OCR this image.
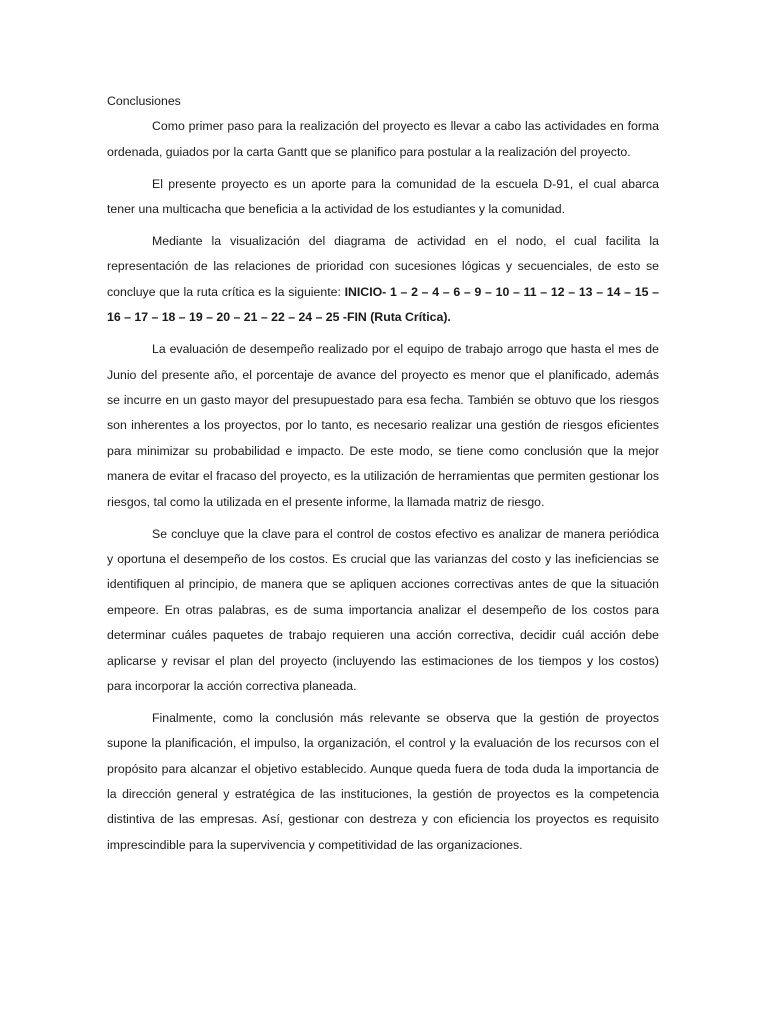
Conclusiones

Como primer paso para la realización del proyecto es llevar a cabo las actividades en forma ordenada, guiados por la carta Gantt que se planifico para postular a la realización del proyecto.

El presente proyecto es un aporte para la comunidad de la escuela D-91, el cual abarca tener una multicacha que beneficia a la actividad de los estudiantes y la comunidad.

Mediante la visualización del diagrama de actividad en el nodo, el cual facilita la representación de las relaciones de prioridad con sucesiones lógicas y secuenciales, de esto se concluye que la ruta crítica es la siguiente: INICIO- 1 – 2 – 4 – 6 – 9 – 10 – 11 – 12 – 13 – 14 – 15 – 16 – 17 – 18 – 19 – 20 – 21 – 22 – 24 – 25 -FIN (Ruta Crítica).

La evaluación de desempeño realizado por el equipo de trabajo arrogo que hasta el mes de Junio del presente año, el porcentaje de avance del proyecto es menor que el planificado, además se incurre en un gasto mayor del presupuestado para esa fecha. También se obtuvo que los riesgos son inherentes a los proyectos, por lo tanto, es necesario realizar una gestión de riesgos eficientes para minimizar su probabilidad e impacto. De este modo, se tiene como conclusión que la mejor manera de evitar el fracaso del proyecto, es la utilización de herramientas que permiten gestionar los riesgos, tal como la utilizada en el presente informe, la llamada matriz de riesgo.

Se concluye que la clave para el control de costos efectivo es analizar de manera periódica y oportuna el desempeño de los costos. Es crucial que las varianzas del costo y las ineficiencias se identifiquen al principio, de manera que se apliquen acciones correctivas antes de que la situación empeore. En otras palabras, es de suma importancia analizar el desempeño de los costos para determinar cuáles paquetes de trabajo requieren una acción correctiva, decidir cuál acción debe aplicarse y revisar el plan del proyecto (incluyendo las estimaciones de los tiempos y los costos) para incorporar la acción correctiva planeada.

Finalmente, como la conclusión más relevante se observa que la gestión de proyectos supone la planificación, el impulso, la organización, el control y la evaluación de los recursos con el propósito para alcanzar el objetivo establecido. Aunque queda fuera de toda duda la importancia de la dirección general y estratégica de las instituciones, la gestión de proyectos es la competencia distintiva de las empresas. Así, gestionar con destreza y con eficiencia los proyectos es requisito imprescindible para la supervivencia y competitividad de las organizaciones.
